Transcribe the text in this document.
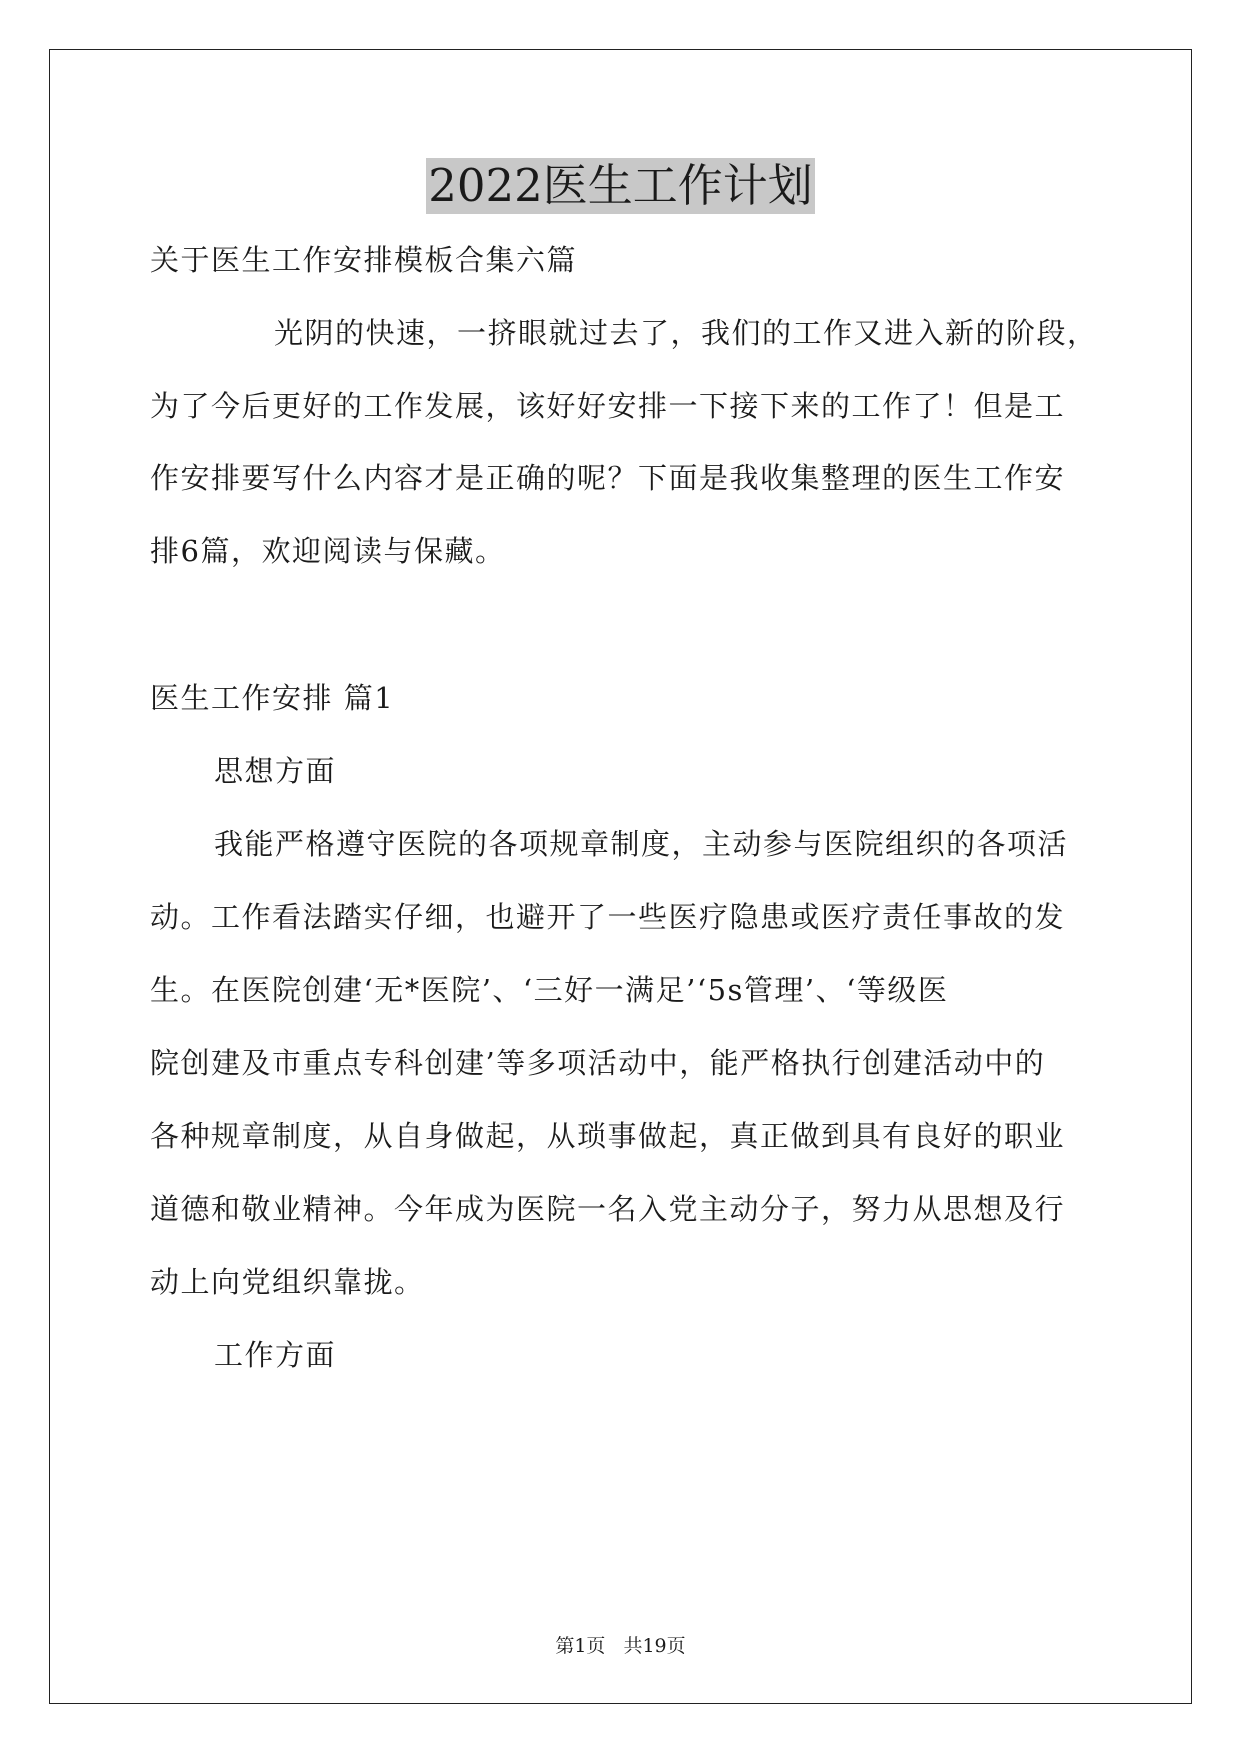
2022医生工作计划
关于医生工作安排模板合集六篇
光阴的快速，一挤眼就过去了，我们的工作又进入新的阶段，
为了今后更好的工作发展，该好好安排一下接下来的工作了！但是工
作安排要写什么内容才是正确的呢？下面是我收集整理的医生工作安
排6篇，欢迎阅读与保藏。
医生工作安排 篇1
思想方面
我能严格遵守医院的各项规章制度，主动参与医院组织的各项活
动。工作看法踏实仔细，也避开了一些医疗隐患或医疗责任事故的发
生。在医院创建‘无*医院’、‘三好一满足’‘5s管理’、‘等级医
院创建及市重点专科创建’等多项活动中，能严格执行创建活动中的
各种规章制度，从自身做起，从琐事做起，真正做到具有良好的职业
道德和敬业精神。今年成为医院一名入党主动分子，努力从思想及行
动上向党组织靠拢。
工作方面
第1页 共19页
